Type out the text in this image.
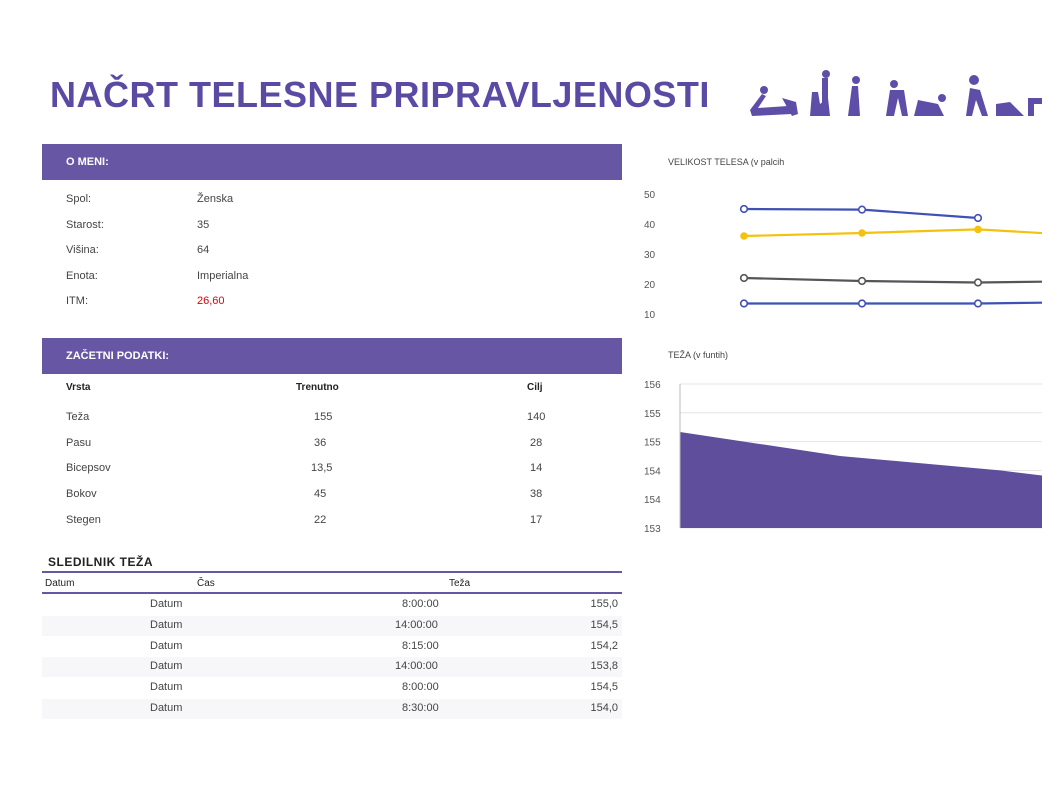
NAČRT TELESNE PRIPRAVLJENOSTI
O MENI:
Spol:	Ženska
Starost:	35
Višina:	64
Enota:	Imperialna
ITM:	26,60
ZAČETNI PODATKI:
Vrsta	Trenutno	Cilj
Teža	155	140
Pasu	36	28
Bicepsov	13,5	14
Bokov	45	38
Stegen	22	17
SLEDILNIK TEŽA
Datum	Čas	Teža
Datum	8:00:00	155,0
Datum	14:00:00	154,5
Datum	8:15:00	154,2
Datum	14:00:00	153,8
Datum	8:00:00	154,5
Datum	8:30:00	154,0
VELIKOST TELESA (v palcih
50
40
30
20
10
TEŽA (v funtih)
156
155
155
154
154
153
